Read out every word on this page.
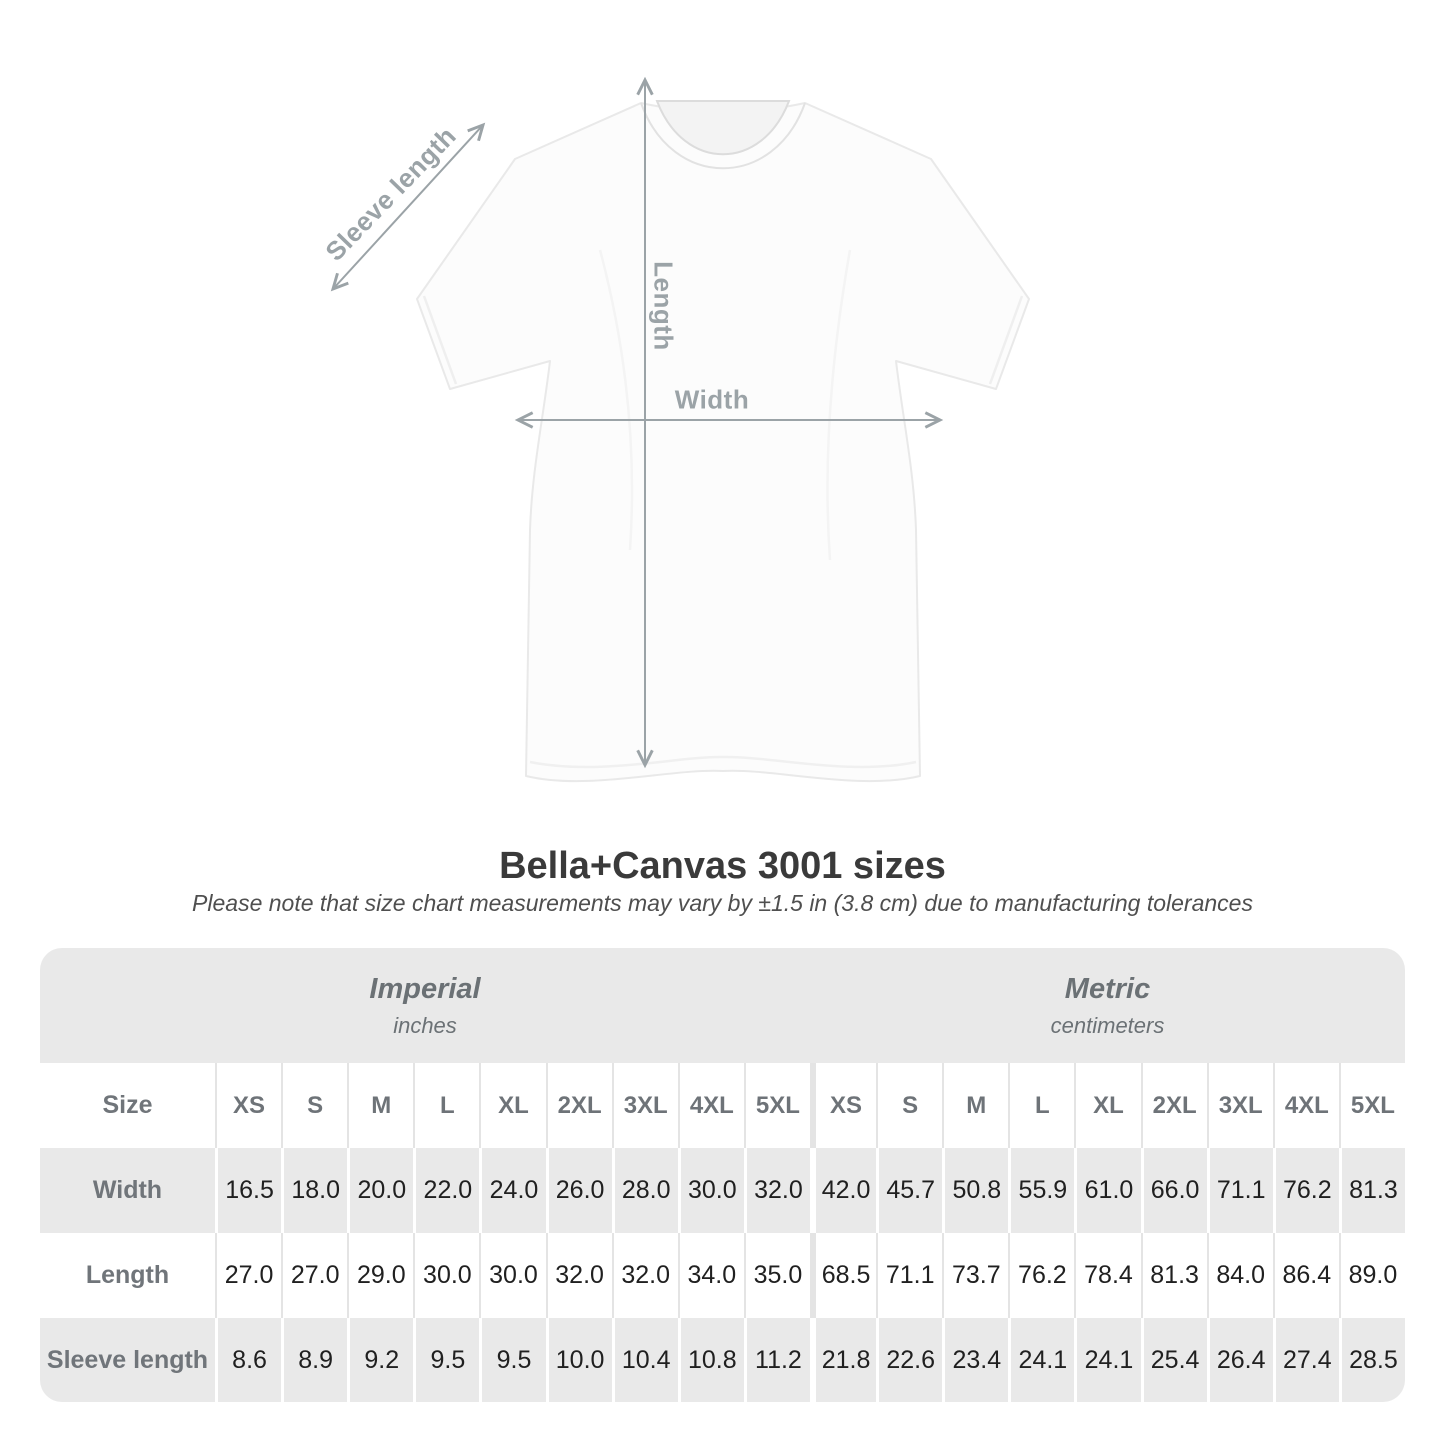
Sleeve length
Length
Width
Bella+Canvas 3001 sizes

Please note that size chart measurements may vary by ±1.5 in (3.8 cm) due to manufacturing tolerances

Imperial
inches
Metric
centimeters
Size	XS	S	M	L	XL	2XL 3XL 4XL 5XL	XS	S	M	L	XL	2XL 3XL 4XL 5XL
Width	16.5 18.0 20.0 22.0 24.0 26.0 28.0 30.0 32.0 42.0 45.7 50.8 55.9 61.0 66.0 71.1 76.2 81.3
Length	27.0 27.0 29.0 30.0 30.0 32.0 32.0 34.0 35.0 68.5 71.1 73.7 76.2 78.4 81.3 84.0 86.4 89.0
Sleeve length 8.6	8.9	9.2	9.5	9.5 10.0 10.4 10.8 11.2 21.8 22.6 23.4 24.1 24.1 25.4 26.4 27.4 28.5
